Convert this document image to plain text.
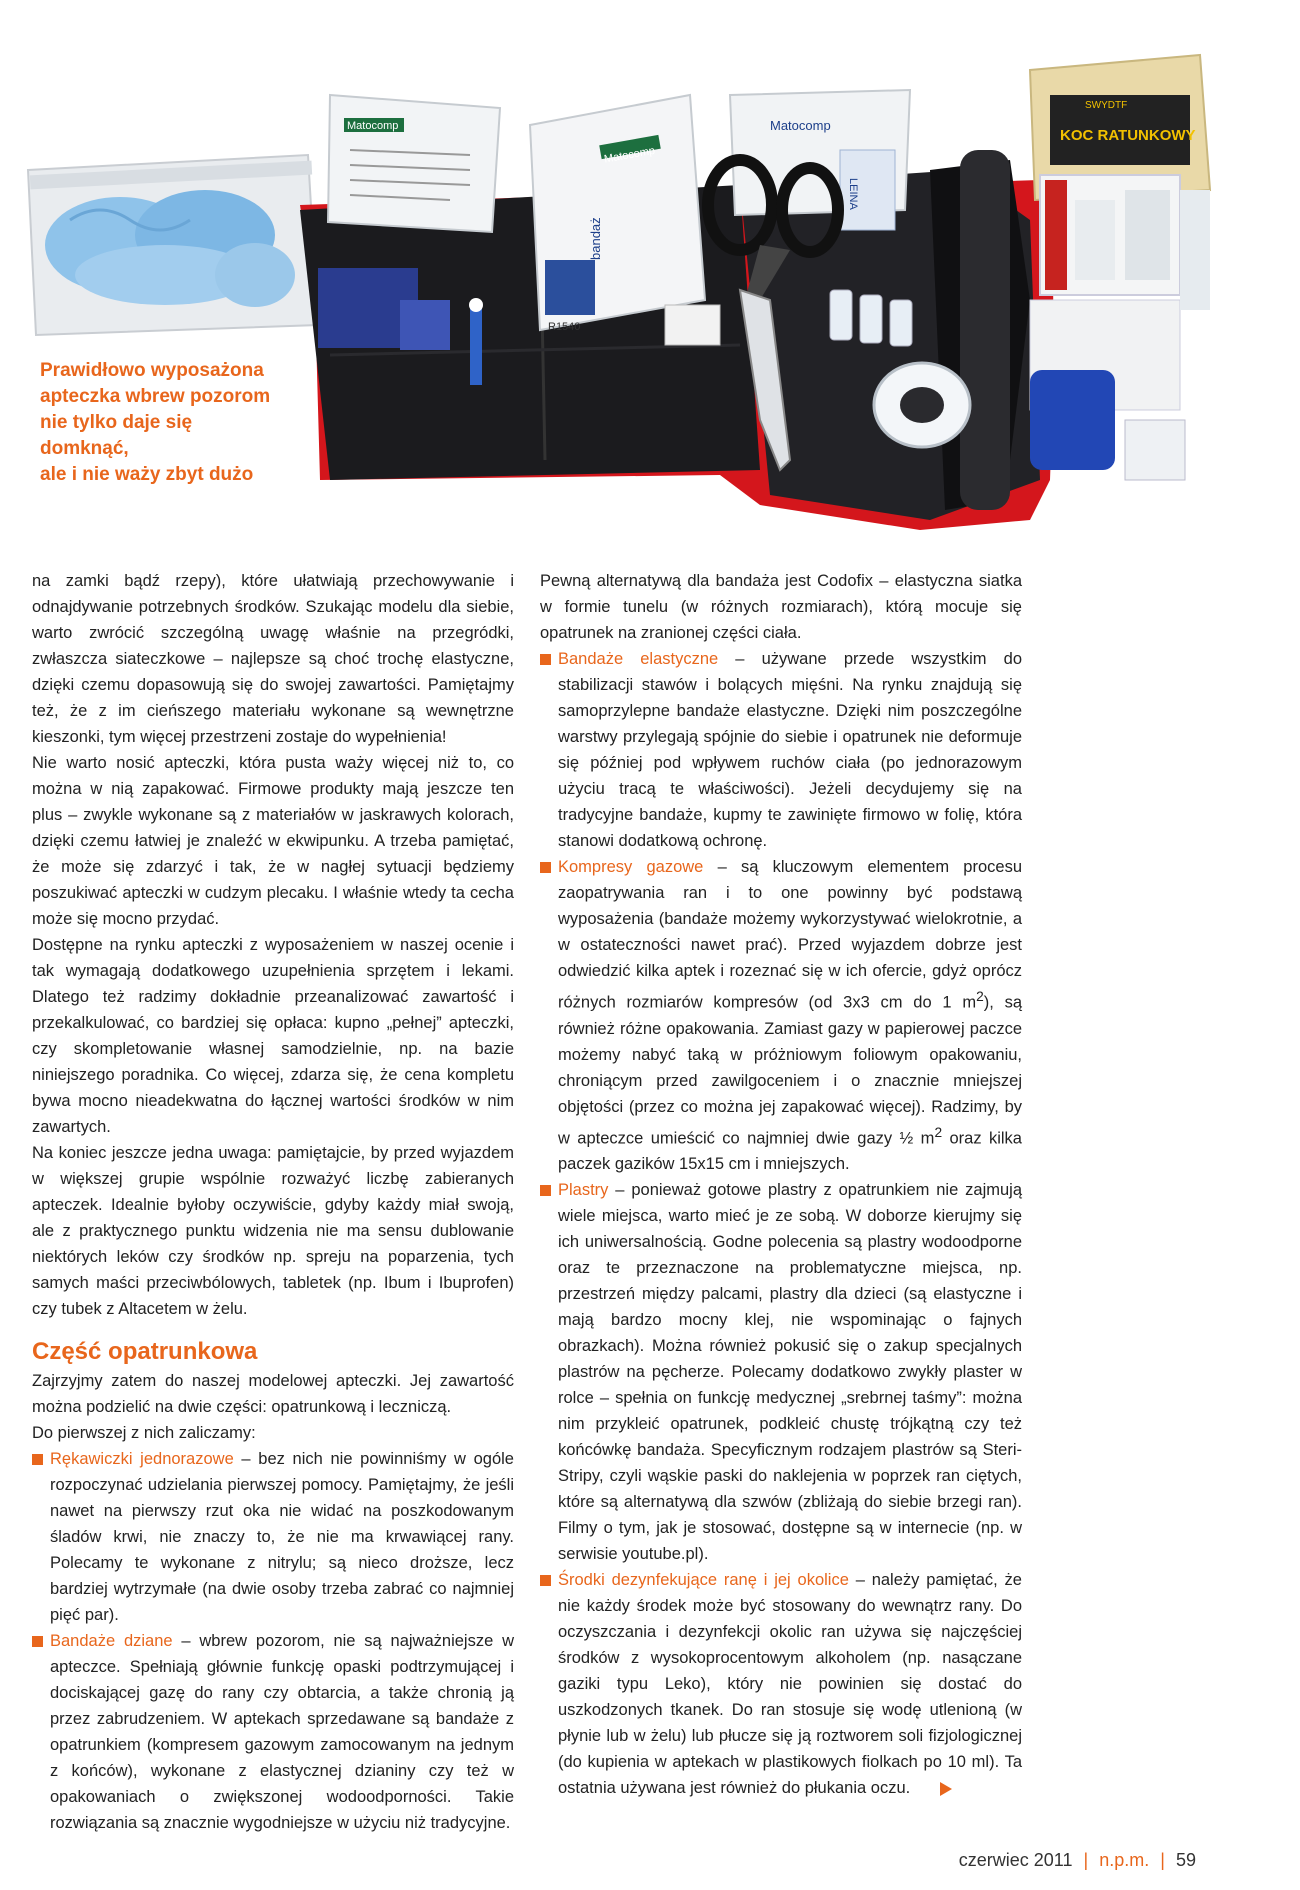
Matocomp
Matocomp
R1540
bandaż
Matocomp
LEINA
SWYDTF
KOC RATUNKOWY

Prawidłowo wyposażona

apteczka wbrew pozorom

nie tylko daje się domknąć,

ale i nie waży zbyt dużo

na zamki bądź rzepy), które ułatwiają przechowywanie i odnajdywanie potrzebnych środków. Szukając modelu dla siebie, warto zwrócić szczególną uwagę właśnie na przegródki, zwłaszcza siateczkowe – najlepsze są choć trochę elastyczne, dzięki czemu dopasowują się do swojej zawartości. Pamiętajmy też, że z im cieńszego materiału wykonane są wewnętrzne kieszonki, tym więcej przestrzeni zostaje do wypełnienia!

Nie warto nosić apteczki, która pusta waży więcej niż to, co można w nią zapakować. Firmowe produkty mają jeszcze ten plus – zwykle wykonane są z materiałów w jaskrawych kolorach, dzięki czemu łatwiej je znaleźć w ekwipunku. A trzeba pamiętać, że może się zdarzyć i tak, że w nagłej sytuacji będziemy poszukiwać apteczki w cudzym plecaku. I właśnie wtedy ta cecha może się mocno przydać.

Dostępne na rynku apteczki z wyposażeniem w naszej ocenie i tak wymagają dodatkowego uzupełnienia sprzętem i lekami. Dlatego też radzimy dokładnie przeanalizować zawartość i przekalkulować, co bardziej się opłaca: kupno „pełnej” apteczki, czy skompletowanie własnej samodzielnie, np. na bazie niniejszego poradnika. Co więcej, zdarza się, że cena kompletu bywa mocno nieadekwatna do łącznej wartości środków w nim zawartych.

Na koniec jeszcze jedna uwaga: pamiętajcie, by przed wyjazdem w większej grupie wspólnie rozważyć liczbę zabieranych apteczek. Idealnie byłoby oczywiście, gdyby każdy miał swoją, ale z praktycznego punktu widzenia nie ma sensu dublowanie niektórych leków czy środków np. spreju na poparzenia, tych samych maści przeciwbólowych, tabletek (np. Ibum i Ibuprofen) czy tubek z Altacetem w żelu.

Część opatrunkowa

Zajrzyjmy zatem do naszej modelowej apteczki. Jej zawartość można podzielić na dwie części: opatrunkową i leczniczą.

Do pierwszej z nich zaliczamy:

Rękawiczki jednorazowe – bez nich nie powinniśmy w ogóle rozpoczynać udzielania pierwszej pomocy. Pamiętajmy, że jeśli nawet na pierwszy rzut oka nie widać na poszkodowanym śladów krwi, nie znaczy to, że nie ma krwawiącej rany. Polecamy te wykonane z nitrylu; są nieco droższe, lecz bardziej wytrzymałe (na dwie osoby trzeba zabrać co najmniej pięć par).

Bandaże dziane – wbrew pozorom, nie są najważniejsze w apteczce. Spełniają głównie funkcję opaski podtrzymującej i dociskającej gazę do rany czy obtarcia, a także chronią ją przez zabrudzeniem. W aptekach sprzedawane są bandaże z opatrunkiem (kompresem gazowym zamocowanym na jednym z końców), wykonane z elastycznej dzianiny czy też w opakowaniach o zwiększonej wodoodporności. Takie rozwiązania są znacznie wygodniejsze w użyciu niż tradycyjne.

Pewną alternatywą dla bandaża jest Codofix – elastyczna siatka w formie tunelu (w różnych rozmiarach), którą mocuje się opatrunek na zranionej części ciała.

Bandaże elastyczne – używane przede wszystkim do stabilizacji stawów i bolących mięśni. Na rynku znajdują się samoprzylepne bandaże elastyczne. Dzięki nim poszczególne warstwy przylegają spójnie do siebie i opatrunek nie deformuje się później pod wpływem ruchów ciała (po jednorazowym użyciu tracą te właściwości). Jeżeli decydujemy się na tradycyjne bandaże, kupmy te zawinięte firmowo w folię, która stanowi dodatkową ochronę.

Kompresy gazowe – są kluczowym elementem procesu zaopatrywania ran i to one powinny być podstawą wyposażenia (bandaże możemy wykorzystywać wielokrotnie, a w ostateczności nawet prać). Przed wyjazdem dobrze jest odwiedzić kilka aptek i rozeznać się w ich ofercie, gdyż oprócz różnych rozmiarów kompresów (od 3x3 cm do 1 $m^2$), są również różne opakowania. Zamiast gazy w papierowej paczce możemy nabyć taką w próżniowym foliowym opakowaniu, chroniącym przed zawilgoceniem i o znacznie mniejszej objętości (przez co można jej zapakować więcej). Radzimy, by w apteczce umieścić co najmniej dwie gazy ½ $m^2$ oraz kilka paczek gazików 15x15 cm i mniejszych.

Plastry – ponieważ gotowe plastry z opatrunkiem nie zajmują wiele miejsca, warto mieć je ze sobą. W doborze kierujmy się ich uniwersalnością. Godne polecenia są plastry wodoodporne oraz te przeznaczone na problematyczne miejsca, np. przestrzeń między palcami, plastry dla dzieci (są elastyczne i mają bardzo mocny klej, nie wspominając o fajnych obrazkach). Można również pokusić się o zakup specjalnych plastrów na pęcherze. Polecamy dodatkowo zwykły plaster w rolce – spełnia on funkcję medycznej „srebrnej taśmy”: można nim przykleić opatrunek, podkleić chustę trójkątną czy też końcówkę bandaża. Specyficznym rodzajem plastrów są Steri-Stripy, czyli wąskie paski do naklejenia w poprzek ran ciętych, które są alternatywą dla szwów (zbliżają do siebie brzegi ran). Filmy o tym, jak je stosować, dostępne są w internecie (np. w serwisie youtube.pl).

Środki dezynfekujące ranę i jej okolice – należy pamiętać, że nie każdy środek może być stosowany do wewnątrz rany. Do oczyszczania i dezynfekcji okolic ran używa się najczęściej środków z wysokoprocentowym alkoholem (np. nasączane gaziki typu Leko), który nie powinien się dostać do uszkodzonych tkanek. Do ran stosuje się wodę utlenioną (w płynie lub w żelu) lub płucze się ją roztworem soli fizjologicznej (do kupienia w aptekach w plastikowych fiolkach po 10 ml). Ta ostatnia używana jest również do płukania oczu.

czerwiec 2011 | n.p.m. | 59
